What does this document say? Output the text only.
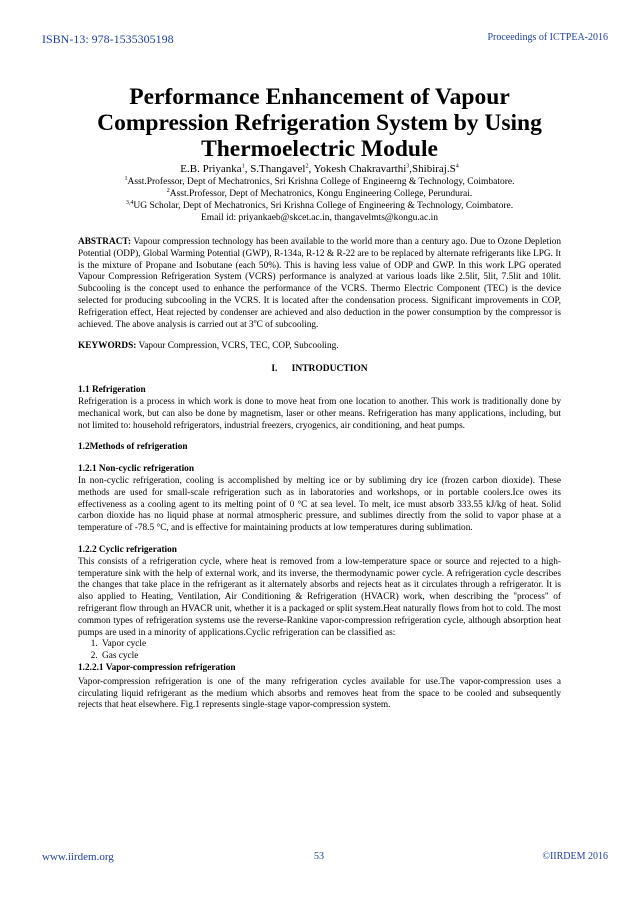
ISBN-13: 978-1535305198	Proceedings of ICTPEA-2016
Performance Enhancement of Vapour Compression Refrigeration System by Using Thermoelectric Module
E.B. Priyanka$^1$, S.Thangavel$^2$, Yokesh $Chakravarthi^3,Shibiraj.S^4$
$^1$Asst.Professor, Dept of Mechatronics, Sri Krishna College of Engineerng & Technology, Coimbatore.
$^2$Asst.Professor, Dept of Mechatronics, Kongu Engineering College, Perundurai.
$^{3,4}$UG Scholar, Dept of Mechatronics, Sri Krishna College of Engineering & Technology, Coimbatore.
Email id: priyankaeb@skcet.ac.in, thangavelmts@kongu.ac.in

ABSTRACT: Vapour compression technology has been available to the world more than a century ago. Due to Ozone Depletion Potential (ODP), Global Warming Potential (GWP), R-134a, R-12 & R-22 are to be replaced by alternate refrigerants like LPG. It is the mixture of Propane and Isobutane (each 50%). This is having less value of ODP and GWP. In this work LPG operated Vapour Compression Refrigeration System (VCRS) performance is analyzed at various loads like 2.5lit, 5lit, 7.5lit and 10lit. Subcooling is the concept used to enhance the performance of the VCRS. Thermo Electric Component (TEC) is the device selected for producing subcooling in the VCRS. It is located after the condensation process. Significant improvements in COP, Refrigeration effect, Heat rejected by condenser are achieved and also deduction in the power consumption by the compressor is achieved. The above analysis is carried out at 3$^o$C of subcooling.

KEYWORDS: Vapour Compression, VCRS, TEC, COP, Subcooling.

I.      INTRODUCTION

1.1 Refrigeration

Refrigeration is a process in which work is done to move heat from one location to another. This work is traditionally done by mechanical work, but can also be done by magnetism, laser or other means. Refrigeration has many applications, including, but not limited to: household refrigerators, industrial freezers, cryogenics, air conditioning, and heat pumps.

1.2Methods of refrigeration

1.2.1 Non-cyclic refrigeration

In non-cyclic refrigeration, cooling is accomplished by melting ice or by subliming dry ice (frozen carbon dioxide). These methods are used for small-scale refrigeration such as in laboratories and workshops, or in portable coolers.Ice owes its effectiveness as a cooling agent to its melting point of 0 °C at sea level. To melt, ice must absorb 333.55 kJ/kg of heat. Solid carbon dioxide has no liquid phase at normal atmospheric pressure, and sublimes directly from the solid to vapor phase at a temperature of -78.5 °C, and is effective for maintaining products at low temperatures during sublimation.

1.2.2 Cyclic refrigeration

This consists of a refrigeration cycle, where heat is removed from a low-temperature space or source and rejected to a high-temperature sink with the help of external work, and its inverse, the thermodynamic power cycle. A refrigeration cycle describes the changes that take place in the refrigerant as it alternately absorbs and rejects heat as it circulates through a refrigerator. It is also applied to Heating, Ventilation, Air Conditioning & Refrigeration (HVACR) work, when describing the "process" of refrigerant flow through an HVACR unit, whether it is a packaged or split system.Heat naturally flows from hot to cold. The most common types of refrigeration systems use the reverse-Rankine vapor-compression refrigeration cycle, although absorption heat pumps are used in a minority of applications.Cyclic refrigeration can be classified as:

1. Vapor cycle
2. Gas cycle

1.2.2.1 Vapor-compression refrigeration

Vapor-compression refrigeration is one of the many refrigeration cycles available for use.The vapor-compression uses a circulating liquid refrigerant as the medium which absorbs and removes heat from the space to be cooled and subsequently rejects that heat elsewhere. Fig.1 represents single-stage vapor-compression system.

www.iirdem.org	53	©IIRDEM 2016
